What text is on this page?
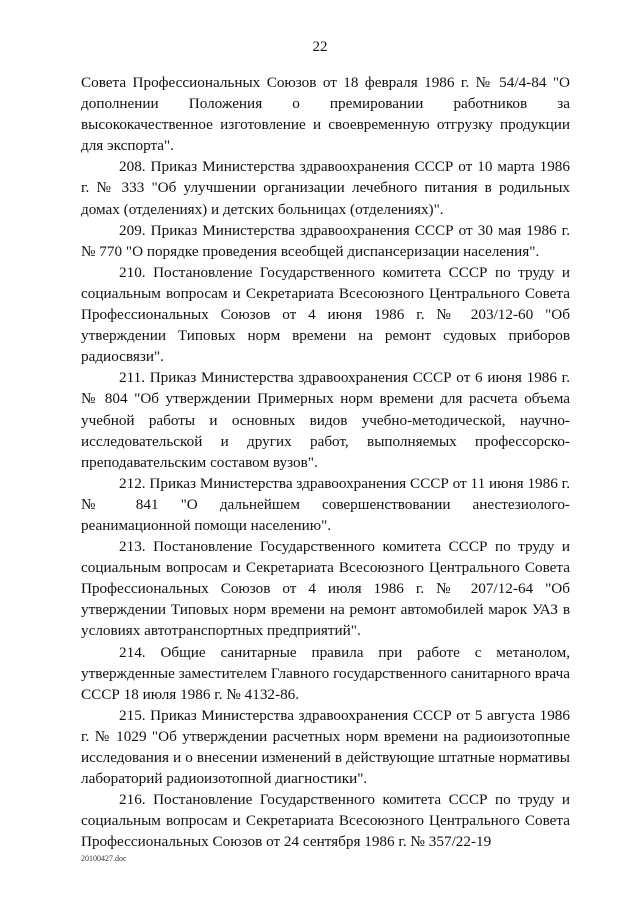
22

Совета Профессиональных Союзов от 18 февраля 1986 г. № 54/4-84 "О дополнении Положения о премировании работников за высококачественное изготовление и своевременную отгрузку продукции для экспорта".

208. Приказ Министерства здравоохранения СССР от 10 марта 1986 г. № 333 "Об улучшении организации лечебного питания в родильных домах (отделениях) и детских больницах (отделениях)".

209. Приказ Министерства здравоохранения СССР от 30 мая 1986 г. № 770 "О порядке проведения всеобщей диспансеризации населения".

210. Постановление Государственного комитета СССР по труду и социальным вопросам и Секретариата Всесоюзного Центрального Совета Профессиональных Союзов от 4 июня 1986 г. № 203/12-60 "Об утверждении Типовых норм времени на ремонт судовых приборов радиосвязи".

211. Приказ Министерства здравоохранения СССР от 6 июня 1986 г. № 804 "Об утверждении Примерных норм времени для расчета объема учебной работы и основных видов учебно-методической, научно-исследовательской и других работ, выполняемых профессорско-преподавательским составом вузов".

212. Приказ Министерства здравоохранения СССР от 11 июня 1986 г. № 841 "О дальнейшем совершенствовании анестезиолого-реанимационной помощи населению".

213. Постановление Государственного комитета СССР по труду и социальным вопросам и Секретариата Всесоюзного Центрального Совета Профессиональных Союзов от 4 июля 1986 г. № 207/12-64 "Об утверждении Типовых норм времени на ремонт автомобилей марок УАЗ в условиях автотранспортных предприятий".

214. Общие санитарные правила при работе с метанолом, утвержденные заместителем Главного государственного санитарного врача СССР 18 июля 1986 г. № 4132-86.

215. Приказ Министерства здравоохранения СССР от 5 августа 1986 г. № 1029 "Об утверждении расчетных норм времени на радиоизотопные исследования и о внесении изменений в действующие штатные нормативы лабораторий радиоизотопной диагностики".

216. Постановление Государственного комитета СССР по труду и социальным вопросам и Секретариата Всесоюзного Центрального Совета Профессиональных Союзов от 24 сентября 1986 г. № 357/22-19

20100427.doc
